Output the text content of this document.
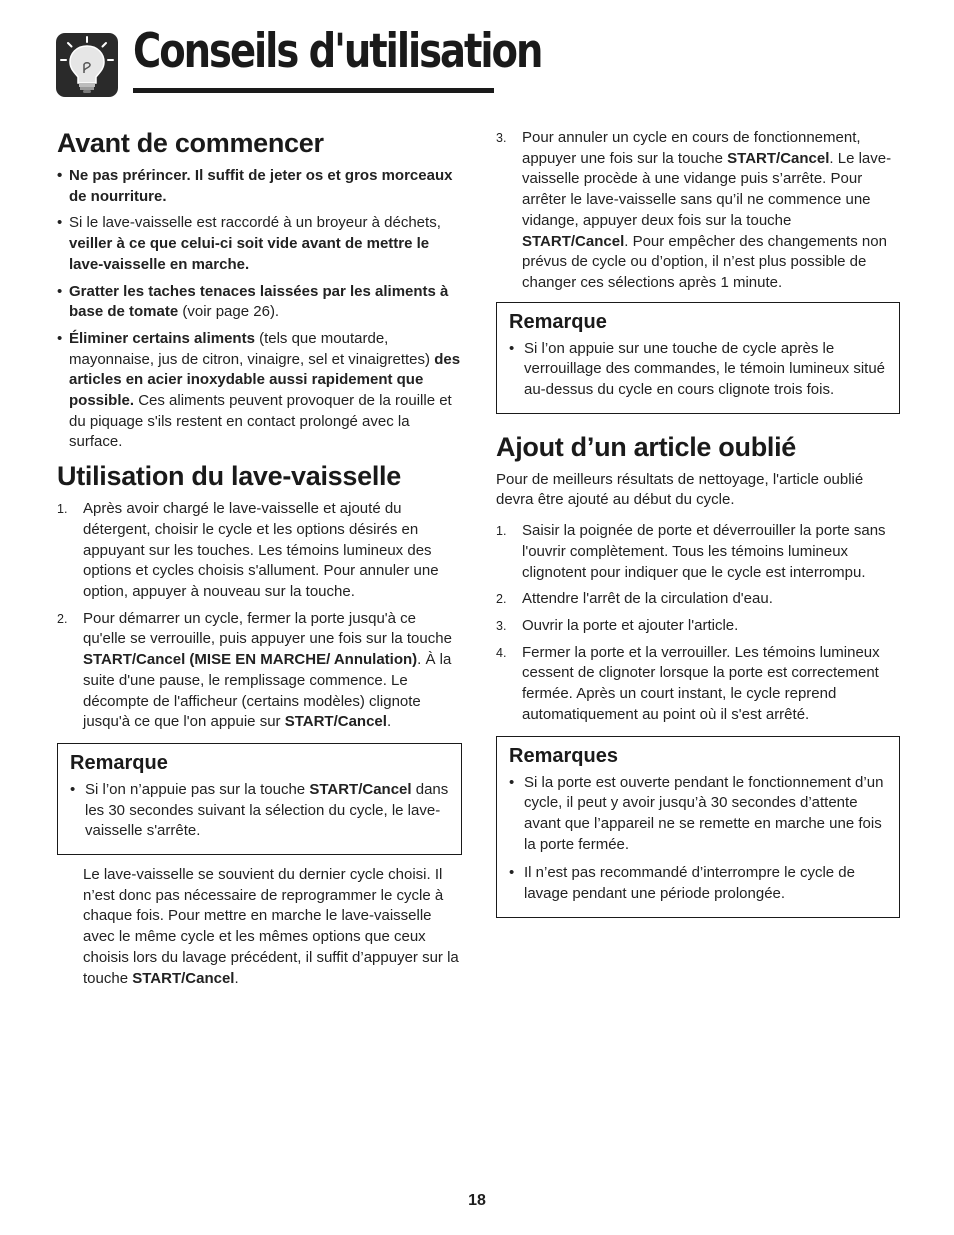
Conseils d'utilisation
Avant de commencer
• Ne pas prérincer. Il suffit de jeter os et gros morceaux de nourriture.
• Si le lave-vaisselle est raccordé à un broyeur à déchets, veiller à ce que celui-ci soit vide avant de mettre le lave-vaisselle en marche.
• Gratter les taches tenaces laissées par les aliments à base de tomate (voir page 26).
• Éliminer certains aliments (tels que moutarde, mayonnaise, jus de citron, vinaigre, sel et vinaigrettes) des articles en acier inoxydable aussi rapidement que possible. Ces aliments peuvent provoquer de la rouille et du piquage s'ils restent en contact prolongé avec la surface.
Utilisation du lave-vaisselle
1. Après avoir chargé le lave-vaisselle et ajouté du détergent, choisir le cycle et les options désirés en appuyant sur les touches. Les témoins lumineux des options et cycles choisis s'allument. Pour annuler une option, appuyer à nouveau sur la touche.
2. Pour démarrer un cycle, fermer la porte jusqu'à ce qu'elle se verrouille, puis appuyer une fois sur la touche START/Cancel (MISE EN MARCHE/ Annulation). À la suite d'une pause, le remplissage commence. Le décompte de l'afficheur (certains modèles) clignote jusqu'à ce que l'on appuie sur START/Cancel.
Remarque
• Si l’on n’appuie pas sur la touche START/Cancel dans les 30 secondes suivant la sélection du cycle, le lave-vaisselle s'arrête.
Le lave-vaisselle se souvient du dernier cycle choisi. Il n’est donc pas nécessaire de reprogrammer le cycle à chaque fois. Pour mettre en marche le lave-vaisselle avec le même cycle et les mêmes options que ceux choisis lors du lavage précédent, il suffit d’appuyer sur la touche START/Cancel.
3. Pour annuler un cycle en cours de fonctionnement, appuyer une fois sur la touche START/Cancel. Le lave-vaisselle procède à une vidange puis s’arrête. Pour arrêter le lave-vaisselle sans qu’il ne commence une vidange, appuyer deux fois sur la touche START/Cancel. Pour empêcher des changements non prévus de cycle ou d’option, il n’est plus possible de changer ces sélections après 1 minute.
Remarque
• Si l’on appuie sur une touche de cycle après le verrouillage des commandes, le témoin lumineux situé au-dessus du cycle en cours clignote trois fois.
Ajout d’un article oublié
Pour de meilleurs résultats de nettoyage, l'article oublié devra être ajouté au début du cycle.
1. Saisir la poignée de porte et déverrouiller la porte sans l'ouvrir complètement. Tous les témoins lumineux clignotent pour indiquer que le cycle est interrompu.
2. Attendre l'arrêt de la circulation d'eau.
3. Ouvrir la porte et ajouter l'article.
4. Fermer la porte et la verrouiller. Les témoins lumineux cessent de clignoter lorsque la porte est correctement fermée. Après un court instant, le cycle reprend automatiquement au point où il s'est arrêté.
Remarques
• Si la porte est ouverte pendant le fonctionnement d’un cycle, il peut y avoir jusqu’à 30 secondes d’attente avant que l’appareil ne se remette en marche une fois la porte fermée.
• Il n’est pas recommandé d’interrompre le cycle de lavage pendant une période prolongée.
18
